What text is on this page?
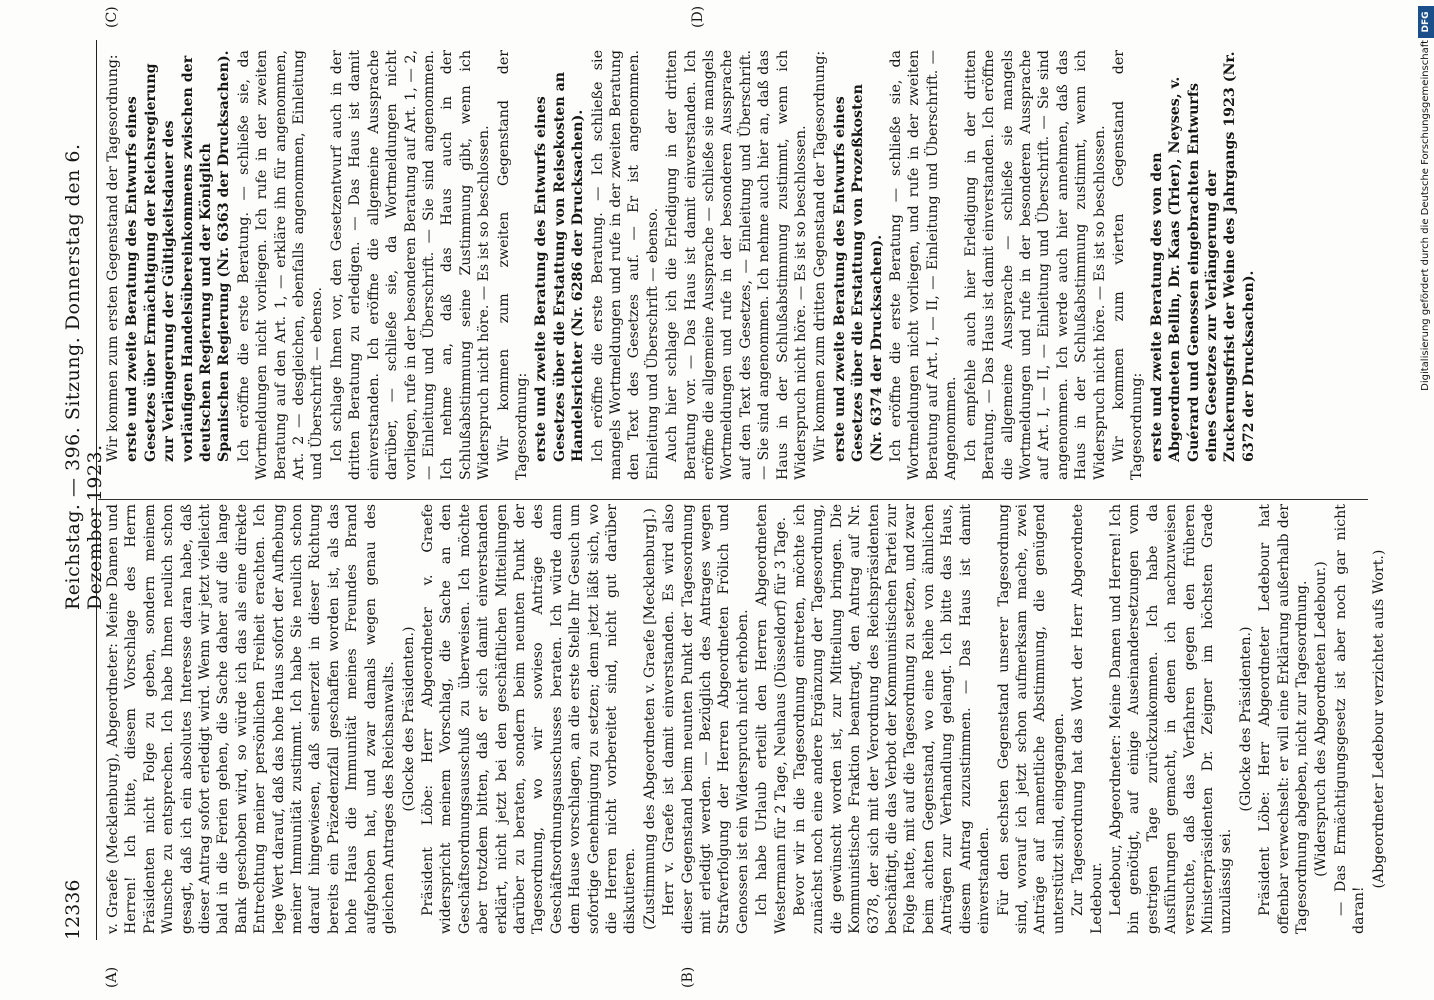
12336
Reichstag. — 396. Sitzung. Donnerstag den 6. Dezember 1923.
(A)	(B)
(C)	(D)

v. Graefe (Mecklenburg), Abgeordneter: Meine Damen und Herren! Ich bitte, diesem Vorschlage des Herrn Präsidenten nicht Folge zu geben, sondern meinem Wunsche zu entsprechen. Ich habe Ihnen neulich schon gesagt, daß ich ein absolutes Interesse daran habe, daß dieser Antrag sofort erledigt wird. Wenn wir jetzt vielleicht bald in die Ferien gehen, die Sache daher auf die lange Bank geschoben wird, so würde ich das als eine direkte Entrechtung meiner persönlichen Freiheit erachten. Ich lege Wert darauf, daß das hohe Haus sofort der Aufhebung meiner Immunität zustimmt. Ich habe Sie neulich schon darauf hingewiesen, daß seinerzeit in dieser Richtung bereits ein Präzedenzfall geschaffen worden ist, als das hohe Haus die Immunität meines Freundes Brand aufgehoben hat, und zwar damals wegen genau des gleichen Antrages des Reichsanwalts. (Glocke des Präsidenten.) Präsident Löbe: Herr Abgeordneter v. Graefe widerspricht meinem Vorschlag, die Sache an den Geschäftsordnungsausschuß zu überweisen. Ich möchte aber trotzdem bitten, daß er sich damit einverstanden erklärt, nicht jetzt bei den geschäftlichen Mitteilungen darüber zu beraten, sondern beim neunten Punkt der Tagesordnung, wo wir sowieso Anträge des Geschäftsordnungsausschusses beraten. Ich würde dann dem Hause vorschlagen, an die erste Stelle Ihr Gesuch um sofortige Genehmigung zu setzen; denn jetzt läßt sich, wo die Herren nicht vorbereitet sind, nicht gut darüber diskutieren. (Zustimmung des Abgeordneten v. Graefe [Mecklenburg].) Herr v. Graefe ist damit einverstanden. Es wird also dieser Gegenstand beim neunten Punkt der Tagesordnung mit erledigt werden. — Bezüglich des Antrages wegen Strafverfolgung der Herren Abgeordneten Frölich und Genossen ist ein Widerspruch nicht erhoben. Ich habe Urlaub erteilt den Herren Abgeordneten Westermann für 2 Tage, Neuhaus (Düsseldorf) für 3 Tage. Bevor wir in die Tagesordnung eintreten, möchte ich zunächst noch eine andere Ergänzung der Tagesordnung, die gewünscht worden ist, zur Mitteilung bringen. Die Kommunistische Fraktion beantragt, den Antrag auf Nr. 6378, der sich mit der Verordnung des Reichspräsidenten beschäftigt, die das Verbot der Kommunistischen Partei zur Folge hatte, mit auf die Tagesordnung zu setzen, und zwar beim achten Gegenstand, wo eine Reihe von ähnlichen Anträgen zur Verhandlung gelangt. Ich bitte das Haus, diesem Antrag zuzustimmen. — Das Haus ist damit einverstanden. Für den sechsten Gegenstand unserer Tagesordnung sind, worauf ich jetzt schon aufmerksam mache, zwei Anträge auf namentliche Abstimmung, die genügend unterstützt sind, eingegangen. Zur Tagesordnung hat das Wort der Herr Abgeordnete Ledebour. Ledebour, Abgeordneter: Meine Damen und Herren! Ich bin genötigt, auf einige Auseinandersetzungen vom gestrigen Tage zurückzukommen. Ich habe da Ausführungen gemacht, in denen ich nachzuweisen versuchte, daß das Verfahren gegen den früheren Ministerpräsidenten Dr. Zeigner im höchsten Grade unzulässig sei.

(Glocke des Präsidenten.) Präsident Löbe: Herr Abgeordneter Ledebour hat offenbar verwechselt: er will eine Erklärung außerhalb der Tagesordnung abgeben, nicht zur Tagesordnung. (Widerspruch des Abgeordneten Ledebour.) — Das Ermächtigungsgesetz ist aber noch gar nicht daran!

(Abgeordneter Ledebour verzichtet aufs Wort.)

Wir kommen zum ersten Gegenstand der Tagesordnung: erste und zweite Beratung des Entwurfs eines Gesetzes über Ermächtigung der Reichsregierung zur Verlängerung der Gültigkeitsdauer des vorläufigen Handelsübereinkommens zwischen der deutschen Regierung und der Königlich Spanischen Regierung (Nr. 6363 der Drucksachen). Ich eröffne die erste Beratung. — schließe sie, da Wortmeldungen nicht vorliegen. Ich rufe in der zweiten Beratung auf den Art. 1, — erkläre ihn für angenommen, Art. 2 — desgleichen, ebenfalls angenommen, Einleitung und Überschrift — ebenso. Ich schlage Ihnen vor, den Gesetzentwurf auch in der dritten Beratung zu erledigen. — Das Haus ist damit einverstanden. Ich eröffne die allgemeine Aussprache darüber, — schließe sie, da Wortmeldungen nicht vorliegen, rufe in der besonderen Beratung auf Art. 1, — 2, — Einleitung und Überschrift. — Sie sind angenommen. Ich nehme an, daß das Haus auch in der Schlußabstimmung seine Zustimmung gibt, wenn ich Widerspruch nicht höre. — Es ist so beschlossen. Wir kommen zum zweiten Gegenstand der Tagesordnung: erste und zweite Beratung des Entwurfs eines Gesetzes über die Erstattung von Reisekosten an Handelsrichter (Nr. 6286 der Drucksachen). Ich eröffne die erste Beratung. — Ich schließe sie mangels Wortmeldungen und rufe in der zweiten Beratung den Text des Gesetzes auf. — Er ist angenommen. Einleitung und Überschrift — ebenso. Auch hier schlage ich die Erledigung in der dritten Beratung vor. — Das Haus ist damit einverstanden. Ich eröffne die allgemeine Aussprache — schließe sie mangels Wortmeldungen und rufe in der besonderen Aussprache auf den Text des Gesetzes, — Einleitung und Überschrift. — Sie sind angenommen. Ich nehme auch hier an, daß das Haus in der Schlußabstimmung zustimmt, wenn ich Widerspruch nicht höre. — Es ist so beschlossen. Wir kommen zum dritten Gegenstand der Tagesordnung: erste und zweite Beratung des Entwurfs eines Gesetzes über die Erstattung von Prozeßkosten (Nr. 6374 der Drucksachen). Ich eröffne die erste Beratung — schließe sie, da Wortmeldungen nicht vorliegen, und rufe in der zweiten Beratung auf Art. I, — II, — Einleitung und Überschrift. — Angenommen. Ich empfehle auch hier Erledigung in der dritten Beratung. — Das Haus ist damit einverstanden. Ich eröffne die allgemeine Aussprache — schließe sie mangels Wortmeldungen und rufe in der besonderen Aussprache auf Art. I, — II, — Einleitung und Überschrift. — Sie sind angenommen. Ich werde auch hier annehmen, daß das Haus in der Schlußabstimmung zustimmt, wenn ich Widerspruch nicht höre. — Es ist so beschlossen. Wir kommen zum vierten Gegenstand der Tagesordnung: erste und zweite Beratung des von den Abgeordneten Bellin, Dr. Kaas (Trier), Neyses, v. Guérard und Genossen eingebrachten Entwurfs eines Gesetzes zur Verlängerung der Zuckerungsfrist der Weine des Jahrgangs 1923 (Nr. 6372 der Drucksachen).	Digitalisierung gefördert durch die Deutsche Forschungsgemeinschaft
DFG
